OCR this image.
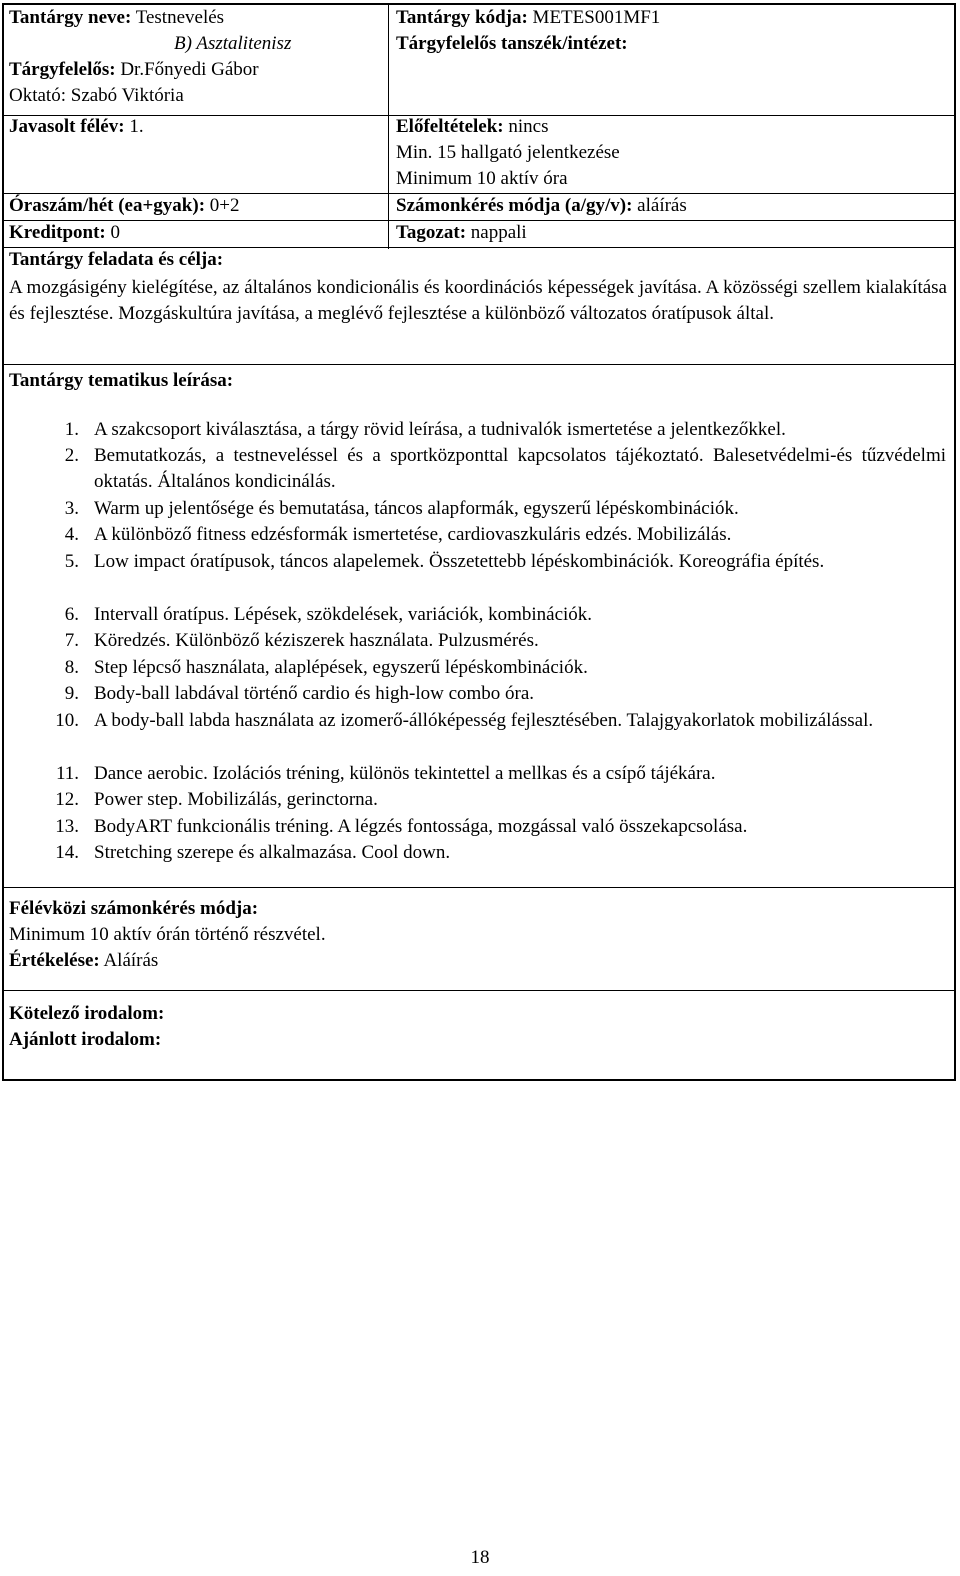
Tantárgy neve: Testnevelés
B) Asztalitenisz
Tárgyfelelős: Dr.Főnyedi Gábor
Oktató: Szabó Viktória
Javasolt félév: 1.
Óraszám/hét (ea+gyak): 0+2
Kreditpont: 0
Tantárgy kódja: METES001MF1
Tárgyfelelős tanszék/intézet:
Előfeltételek: nincs
Min. 15 hallgató jelentkezése
Minimum 10 aktív óra
Számonkérés módja (a/gy/v): aláírás
Tagozat: nappali
Tantárgy feladata és célja:
A mozgásigény kielégítése, az általános kondicionális és koordinációs képességek javítása. A közösségi szellem kialakítása és fejlesztése. Mozgáskultúra javítása, a meglévő fejlesztése a különböző változatos óratípusok által.
Tantárgy tematikus leírása:
1. A szakcsoport kiválasztása, a tárgy rövid leírása, a tudnivalók ismertetése a jelentkezőkkel.
2. Bemutatkozás, a testneveléssel és a sportközponttal kapcsolatos tájékoztató. Balesetvédelmi-és tűzvédelmi oktatás. Általános kondicinálás.
3. Warm up jelentősége és bemutatása, táncos alapformák, egyszerű lépéskombinációk.
4. A különböző fitness edzésformák ismertetése, cardiovaszkuláris edzés. Mobilizálás.
5. Low impact óratípusok, táncos alapelemek. Összetettebb lépéskombinációk. Koreográfia építés.
6. Intervall óratípus. Lépések, szökdelések, variációk, kombinációk.
7. Köredzés. Különböző kéziszerek használata. Pulzusmérés.
8. Step lépcső használata, alaplépések, egyszerű lépéskombinációk.
9. Body-ball labdával történő cardio és high-low combo óra.
10. A body-ball labda használata az izomerő-állóképesség fejlesztésében. Talajgyakorlatok mobilizálással.
11. Dance aerobic. Izolációs tréning, különös tekintettel a mellkas és a csípő tájékára.
12. Power step. Mobilizálás, gerinctorna.
13. BodyART funkcionális tréning. A légzés fontossága, mozgással való összekapcsolása.
14. Stretching szerepe és alkalmazása. Cool down.
Félévközi számonkérés módja:
Minimum 10 aktív órán történő részvétel.
Értékelése: Aláírás
Kötelező irodalom:
Ajánlott irodalom:
18
